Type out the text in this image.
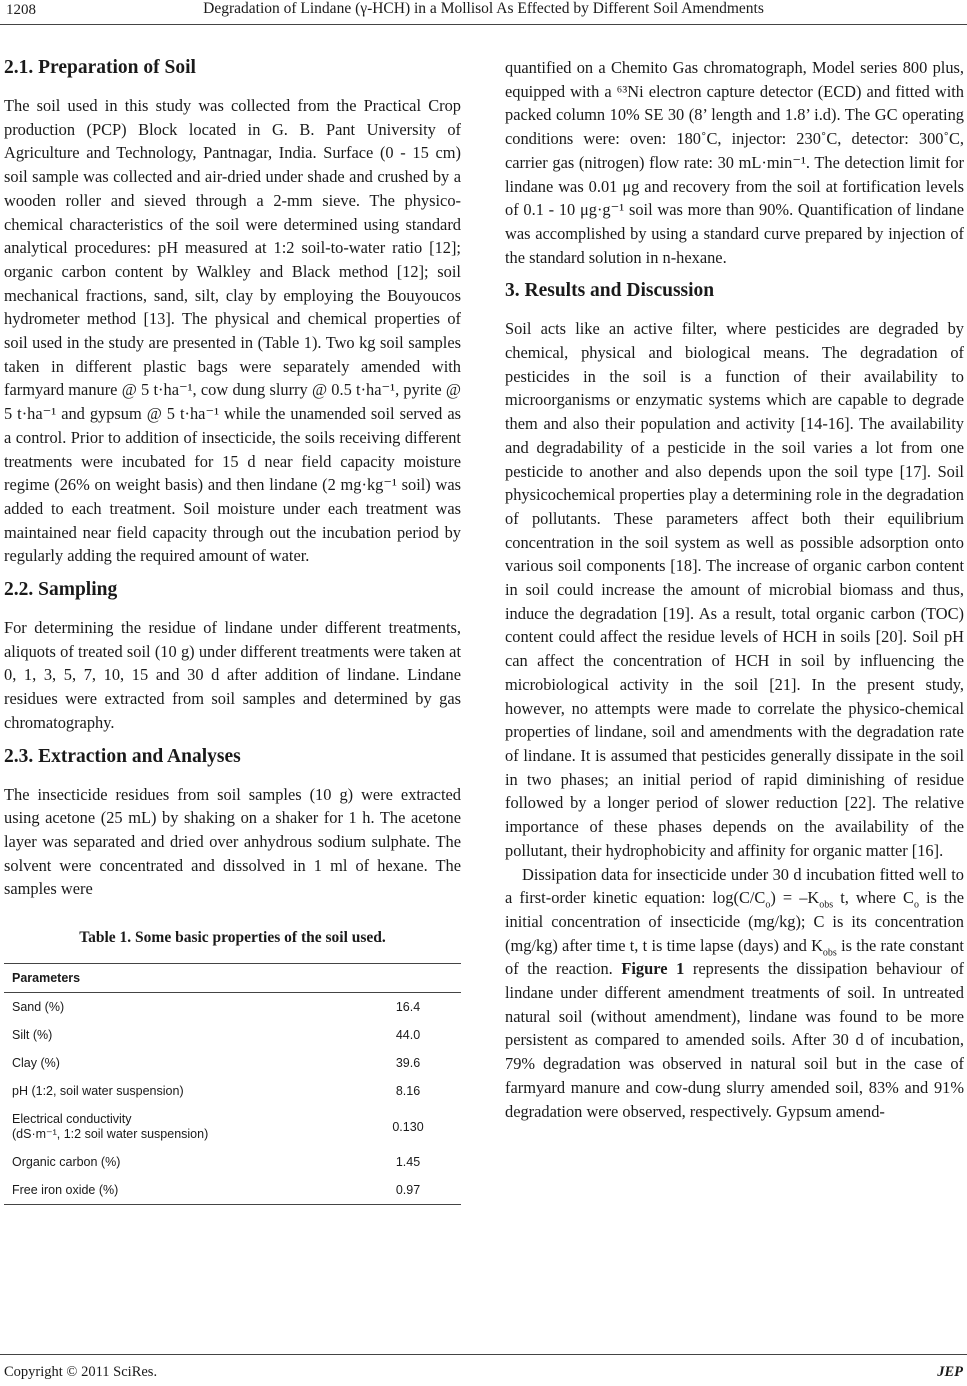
1208	Degradation of Lindane (γ-HCH) in a Mollisol As Effected by Different Soil Amendments
2.1. Preparation of Soil

The soil used in this study was collected from the Practical Crop production (PCP) Block located in G. B. Pant University of Agriculture and Technology, Pantnagar, India. Surface (0 - 15 cm) soil sample was collected and air-dried under shade and crushed by a wooden roller and sieved through a 2-mm sieve. The physico-chemical characteristics of the soil were determined using standard analytical procedures: pH measured at 1:2 soil-to-water ratio [12]; organic carbon content by Walkley and Black method [12]; soil mechanical fractions, sand, silt, clay by employing the Bouyoucos hydrometer method [13]. The physical and chemical properties of soil used in the study are presented in (Table 1). Two kg soil samples taken in different plastic bags were separately amended with farmyard manure @ 5 t·ha⁻¹, cow dung slurry @ 0.5 t·ha⁻¹, pyrite @ 5 t·ha⁻¹ and gypsum @ 5 t·ha⁻¹ while the unamended soil served as a control. Prior to addition of insecticide, the soils receiving different treatments were incubated for 15 d near field capacity moisture regime (26% on weight basis) and then lindane (2 mg·kg⁻¹ soil) was added to each treatment. Soil moisture under each treatment was maintained near field capacity through out the incubation period by regularly adding the required amount of water.

2.2. Sampling

For determining the residue of lindane under different treatments, aliquots of treated soil (10 g) under different treatments were taken at 0, 1, 3, 5, 7, 10, 15 and 30 d after addition of lindane. Lindane residues were extracted from soil samples and determined by gas chromatography.

2.3. Extraction and Analyses

The insecticide residues from soil samples (10 g) were extracted using acetone (25 mL) by shaking on a shaker for 1 h. The acetone layer was separated and dried over anhydrous sodium sulphate. The solvent were concentrated and dissolved in 1 ml of hexane. The samples were

Table 1. Some basic properties of the soil used.
Parameters	
Sand (%)	16.4
Silt (%)	44.0
Clay (%)	39.6
pH (1:2, soil water suspension)	8.16

Electrical conductivity
(dS·m⁻¹, 1:2 soil water suspension)	0.130
Organic carbon (%)	1.45
Free iron oxide (%)	0.97

quantified on a Chemito Gas chromatograph, Model series 800 plus, equipped with a ⁶³Ni electron capture detector (ECD) and fitted with packed column 10% SE 30 (8’ length and 1.8’ i.d). The GC operating conditions were: oven: 180˚C, injector: 230˚C, detector: 300˚C, carrier gas (nitrogen) flow rate: 30 mL·min⁻¹. The detection limit for lindane was 0.01 μg and recovery from the soil at fortification levels of 0.1 - 10 μg·g⁻¹ soil was more than 90%. Quantification of lindane was accomplished by using a standard curve prepared by injection of the standard solution in n-hexane.

3. Results and Discussion

Soil acts like an active filter, where pesticides are degraded by chemical, physical and biological means. The degradation of pesticides in the soil is a function of their availability to microorganisms or enzymatic systems which are capable to degrade them and also their population and activity [14-16]. The availability and degradability of a pesticide in the soil varies a lot from one pesticide to another and also depends upon the soil type [17]. Soil physicochemical properties play a determining role in the degradation of pollutants. These parameters affect both their equilibrium concentration in the soil system as well as possible adsorption onto various soil components [18]. The increase of organic carbon content in soil could increase the amount of microbial biomass and thus, induce the degradation [19]. As a result, total organic carbon (TOC) content could affect the residue levels of HCH in soils [20]. Soil pH can affect the concentration of HCH in soil by influencing the microbiological activity in the soil [21]. In the present study, however, no attempts were made to correlate the physico-chemical properties of lindane, soil and amendments with the degradation rate of lindane. It is assumed that pesticides generally dissipate in the soil in two phases; an initial period of rapid diminishing of residue followed by a longer period of slower reduction [22]. The relative importance of these phases depends on the availability of the pollutant, their hydrophobicity and affinity for organic matter [16].

Dissipation data for insecticide under 30 d incubation fitted well to a first-order kinetic equation: $\log(C/C_o) = -K_{obs}$ t, where $C_o$ is the initial concentration of insecticide (mg/kg); C is its concentration (mg/kg) after time t, t is time lapse (days) and $K_{obs}$ is the rate constant of the reaction. Figure 1 represents the dissipation behaviour of lindane under different amendment treatments of soil. In untreated natural soil (without amendment), lindane was found to be more persistent as compared to amended soils. After 30 d of incubation, 79% degradation was observed in natural soil but in the case of farmyard manure and cow-dung slurry amended soil, 83% and 91% degradation were observed, respectively. Gypsum amend-

Copyright © 2011 SciRes.	JEP
